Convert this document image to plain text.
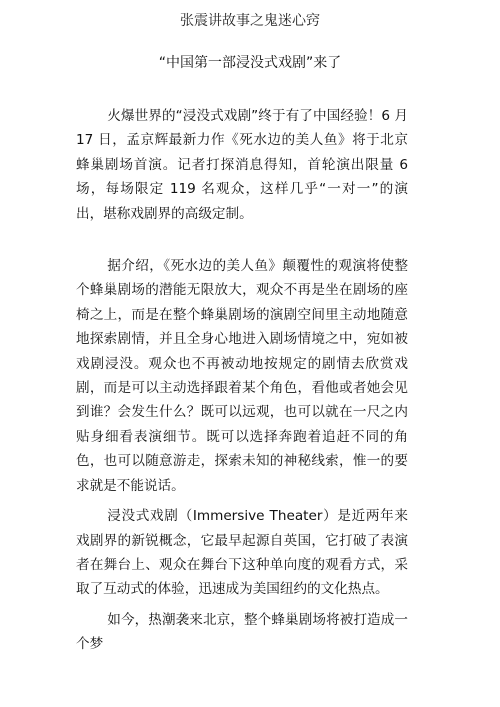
张震讲故事之鬼迷心窍
“中国第一部浸没式戏剧”来了

火爆世界的“浸没式戏剧”终于有了中国经验！6 月 17 日，孟京辉最新力作《死水边的美人鱼》将于北京蜂巢剧场首演。记者打探消息得知，首轮演出限量 6 场，每场限定 119 名观众，这样几乎“一对一”的演出，堪称戏剧界的高级定制。

据介绍，《死水边的美人鱼》颠覆性的观演将使整个蜂巢剧场的潜能无限放大，观众不再是坐在剧场的座椅之上，而是在整个蜂巢剧场的演剧空间里主动地随意地探索剧情，并且全身心地进入剧场情境之中，宛如被戏剧浸没。观众也不再被动地按规定的剧情去欣赏戏剧，而是可以主动选择跟着某个角色，看他或者她会见到谁？会发生什么？既可以远观，也可以就在一尺之内贴身细看表演细节。既可以选择奔跑着追赶不同的角色，也可以随意游走，探索未知的神秘线索，惟一的要求就是不能说话。

浸没式戏剧（Immersive Theater）是近两年来戏剧界的新锐概念，它最早起源自英国，它打破了表演者在舞台上、观众在舞台下这种单向度的观看方式，采取了互动式的体验，迅速成为美国纽约的文化热点。

如今，热潮袭来北京，整个蜂巢剧场将被打造成一个梦
